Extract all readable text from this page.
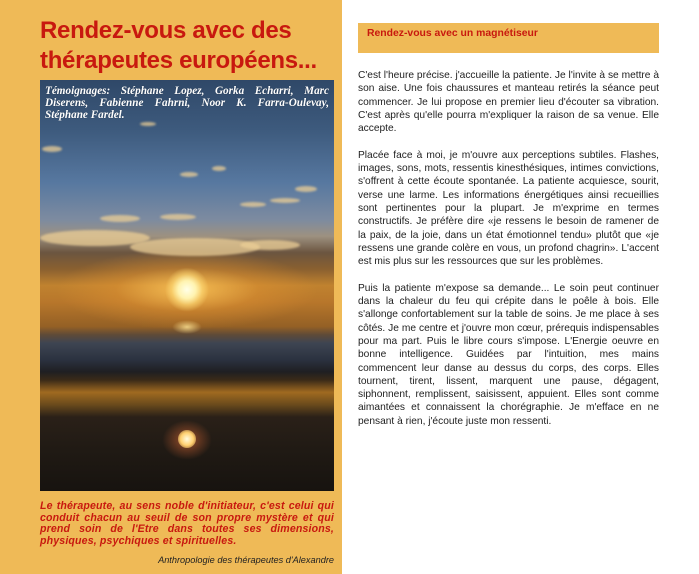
Rendez-vous avec des thérapeutes européens...

Témoignages: Stéphane Lopez, Gorka Echarri, Marc Diserens, Fabienne Fahrni, Noor K. Farra-Oulevay, Stéphane Fardel.

Le thérapeute, au sens noble d'initiateur, c'est celui qui conduit chacun au seuil de son propre mystère et qui prend soin de l'Etre dans toutes ses dimensions, physiques, psychiques et spirituelles.

Anthropologie des thérapeutes d'Alexandre

Rendez-vous avec un magnétiseur

C'est l'heure précise. j'accueille la patiente. Je l'invite à se mettre à son aise. Une fois chaussures et manteau retirés la séance peut commencer. Je lui propose en premier lieu d'écouter sa vibration. C'est après qu'elle pourra m'expliquer la raison de sa venue. Elle accepte.

Placée face à moi, je m'ouvre aux perceptions subtiles. Flashes, images, sons, mots, ressentis kinesthésiques, intimes convictions, s'offrent à cette écoute spontanée. La patiente acquiesce, sourit, verse une larme. Les informations énergétiques ainsi recueillies sont pertinentes pour la plupart. Je m'exprime en termes constructifs. Je préfère dire «je ressens le besoin de ramener de la paix, de la joie, dans un état émotionnel tendu» plutôt que «je ressens une grande colère en vous, un profond chagrin». L'accent est mis plus sur les ressources que sur les problèmes.

Puis la patiente m'expose sa demande... Le soin peut continuer dans la chaleur du feu qui crépite dans le poêle à bois. Elle s'allonge confortablement sur la table de soins. Je me place à ses côtés. Je me centre et j'ouvre mon cœur, prérequis indispensables pour ma part. Puis le libre cours s'impose. L'Energie oeuvre en bonne intelligence. Guidées par l'intuition, mes mains commencent leur danse au dessus du corps, des corps. Elles tournent, tirent, lissent, marquent une pause, dégagent, siphonnent, remplissent, saisissent, appuient. Elles sont comme aimantées et connaissent la chorégraphie. Je m'efface en ne pensant à rien, j'écoute juste mon ressenti.
